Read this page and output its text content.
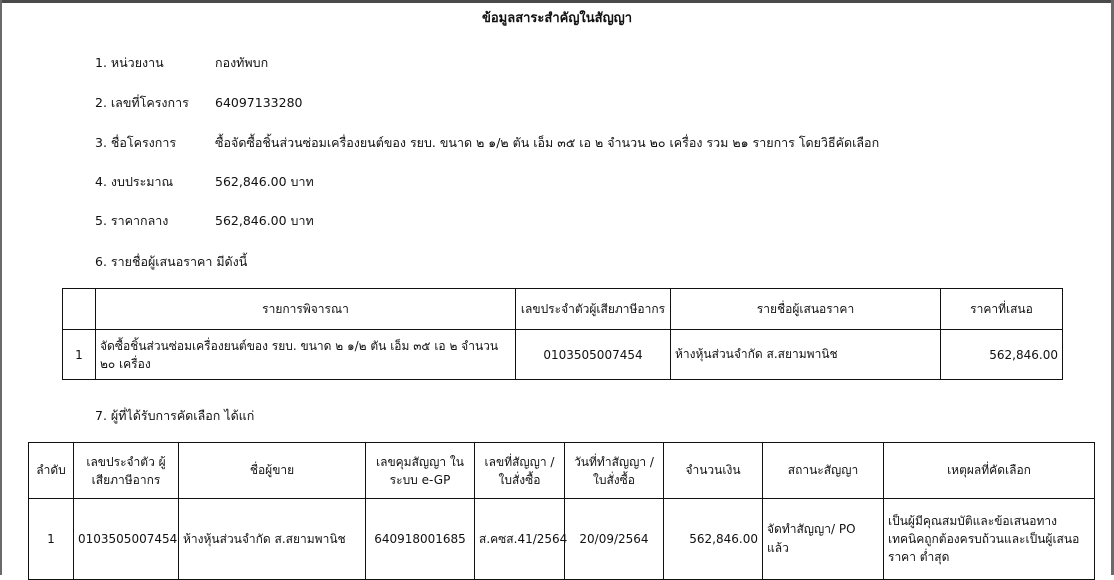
ข้อมูลสาระสำคัญในสัญญา
1. หน่วยงาน	กองทัพบก
2. เลขที่โครงการ 64097133280
3. ชื่อโครงการ	ซื้อจัดซื้อชิ้นส่วนซ่อมเครื่องยนต์ของ รยบ. ขนาด ๒ ๑/๒ ตัน เอ็ม ๓๕ เอ ๒ จำนวน ๒๐ เครื่อง รวม ๒๑ รายการ โดยวิธีคัดเลือก
4. งบประมาณ	562,846.00 บาท
5. ราคากลาง	562,846.00 บาท
6. รายชื่อผู้เสนอราคา มีดังนี้
	รายการพิจารณา	เลขประจำตัวผู้เสียภาษีอากร	รายชื่อผู้เสนอราคา	ราคาที่เสนอ
1	จัดซื้อชิ้นส่วนซ่อมเครื่องยนต์ของ รยบ. ขนาด ๒ ๑/๒ ตัน เอ็ม ๓๕ เอ ๒ จำนวน ๒๐ เครื่อง	0103505007454	ห้างหุ้นส่วนจำกัด ส.สยามพานิช	562,846.00
7. ผู้ที่ได้รับการคัดเลือก ได้แก่
ลำดับ	เลขประจำตัว ผู้เสียภาษีอากร	ชื่อผู้ขาย	เลขคุมสัญญา ในระบบ e-GP	เลขที่สัญญา / ใบสั่งซื้อ	วันที่ทำสัญญา / ใบสั่งซื้อ	จำนวนเงิน	สถานะสัญญา	เหตุผลที่คัดเลือก
1	0103505007454	ห้างหุ้นส่วนจำกัด ส.สยามพานิช	640918001685	ส.คซส.41/2564	20/09/2564	562,846.00	จัดทำสัญญา/ PO แล้ว	เป็นผู้มีคุณสมบัติและข้อเสนอทางเทคนิคถูกต้องครบถ้วนและเป็นผู้เสนอราคา ต่ำสุด
